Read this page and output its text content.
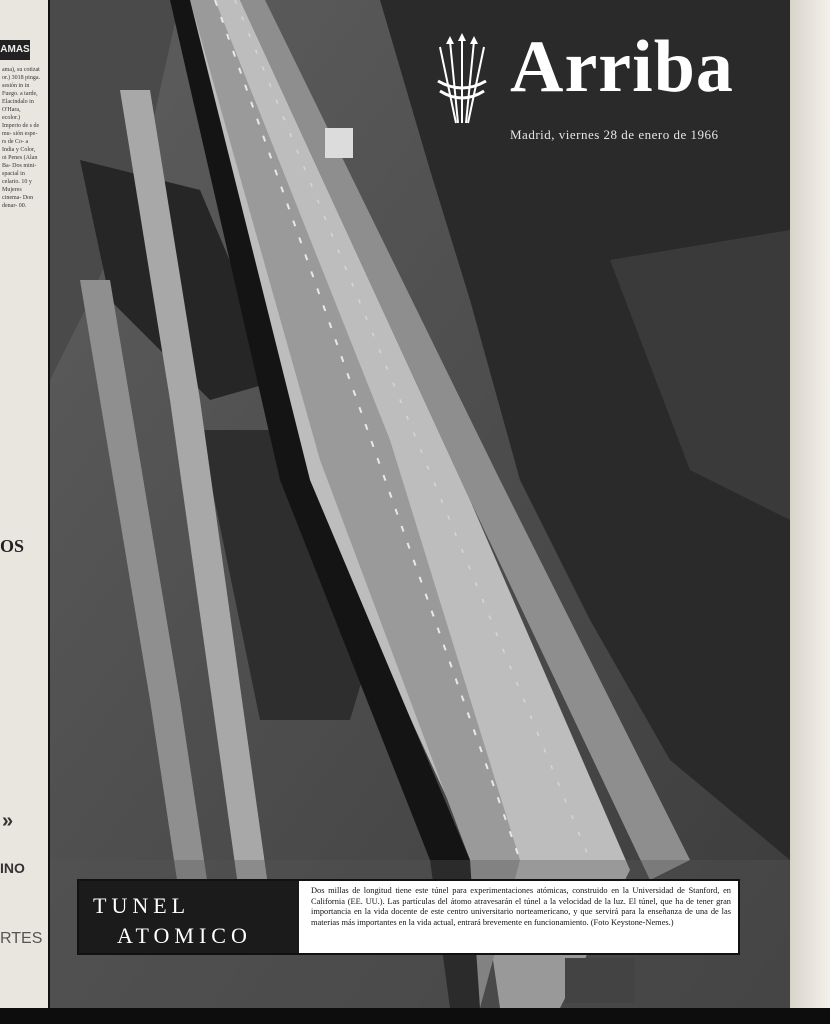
AMAS
ama), su cotizat or.) 3018 pinga. sesión in in Fuego. a tarde, Elacindalo in O'Hara, ecolor.) Imperio de s de mu- sión espe- rs de Co- a India y Color, oi Penes (Alan Ba- Dos mini- spacial in celario. 10 y Mujeres cinema- Don denar- 00.
OS
»
INO
RTES
Arriba
Madrid, viernes 28 de enero de 1966
TUNEL
ATOMICO
Dos millas de longitud tiene este túnel para experimentaciones atómicas, construido en la Universidad de Stanford, en California (EE. UU.). Las partículas del átomo atravesarán el túnel a la velocidad de la luz. El túnel, que ha de tener gran importancia en la vida docente de este centro universitario norteamericano, y que servirá para la enseñanza de una de las materias más importantes en la vida actual, entrará brevemente en funcionamiento. (Foto Keystone-Nemes.)
